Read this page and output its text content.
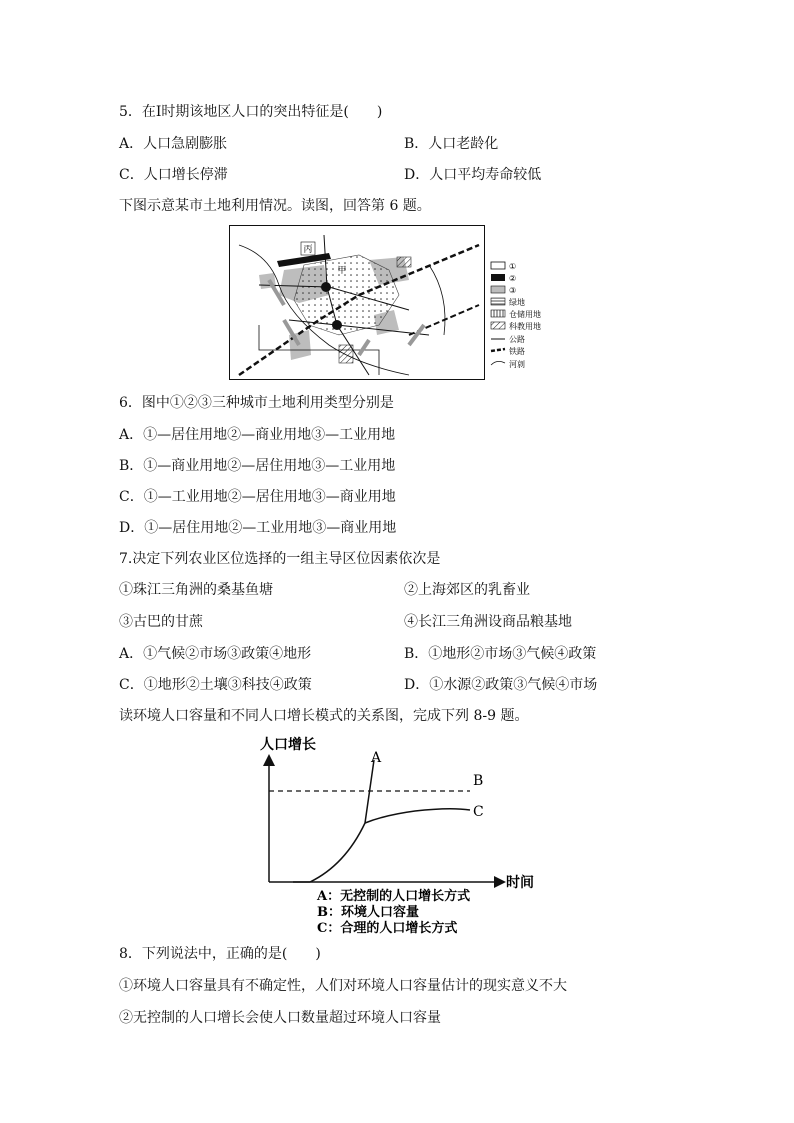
5．在Ⅰ时期该地区人口的突出特征是(　　)
A．人口急剧膨胀	B．人口老龄化
C．人口增长停滞	D．人口平均寿命较低
下图示意某市土地利用情况。读图，回答第 6 题。
丙
甲	①
②
③
绿地
仓储用地
科教用地
公路
铁路
河剠
6．图中①②③三种城市土地利用类型分别是
A．①—居住用地②—商业用地③—工业用地
B．①—商业用地②—居住用地③—工业用地
C．①—工业用地②—居住用地③—商业用地
D．①—居住用地②—工业用地③—商业用地
7.决定下列农业区位选择的一组主导区位因素依次是
①珠江三角洲的桑基鱼塘	②上海郊区的乳畜业
③古巴的甘蔗	④长江三角洲设商品粮基地
A．①气候②市场③政策④地形	B．①地形②市场③气候④政策
C．①地形②土壤③科技④政策	D．①水源②政策③气候④市场
读环境人口容量和不同人口增长模式的关系图，完成下列 8-9 题。
人口增长
时间
A
B
C
A：无控制的人口增长方式
B：环境人口容量
C：合理的人口增长方式
8．下列说法中，正确的是(　　)
①环境人口容量具有不确定性，人们对环境人口容量估计的现实意义不大
②无控制的人口增长会使人口数量超过环境人口容量
